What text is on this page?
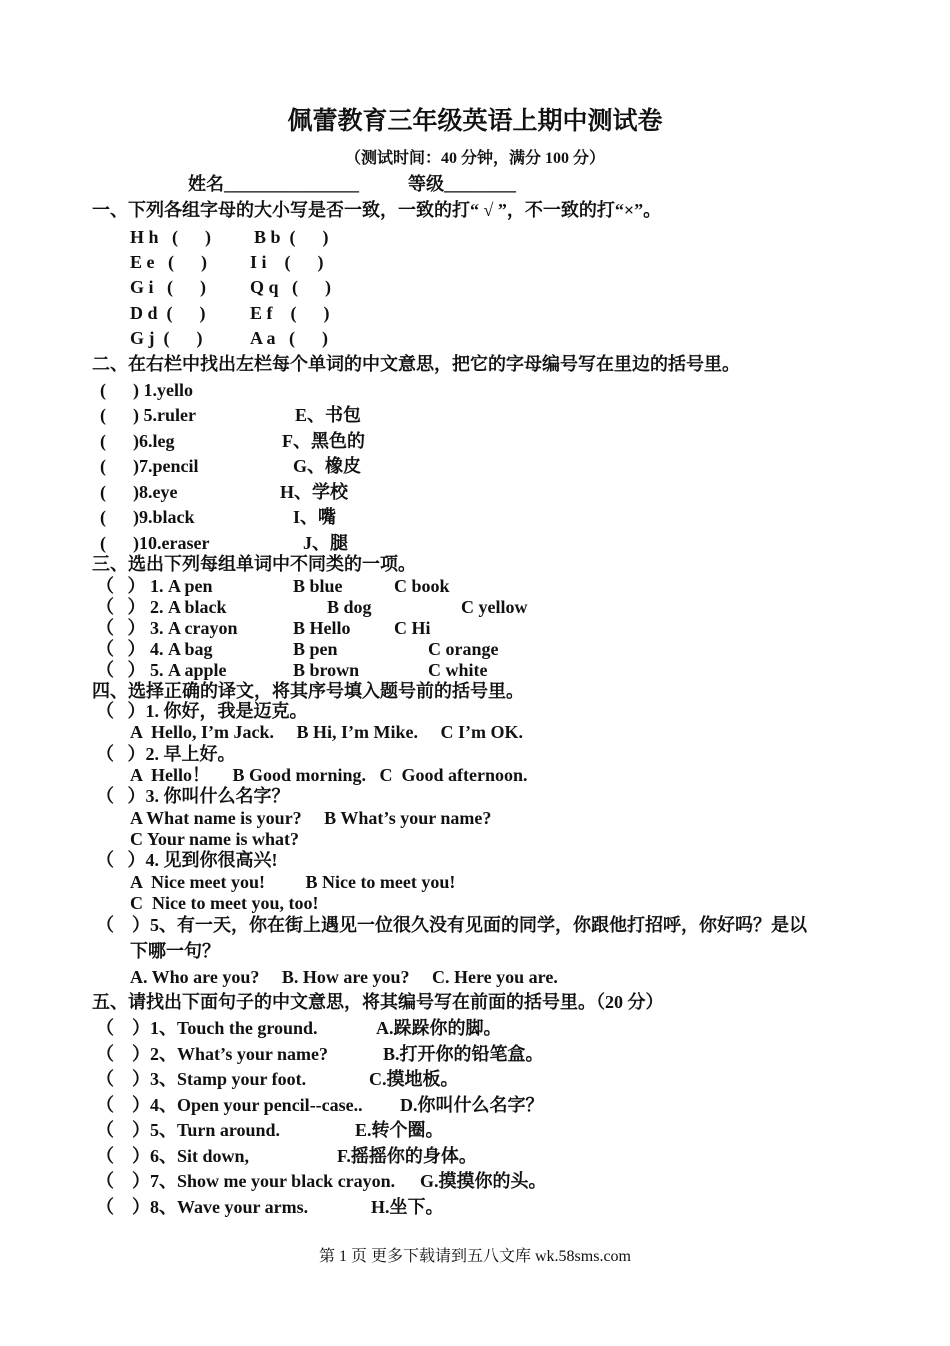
佩蕾教育三年级英语上期中测试卷
（测试时间：40 分钟，满分 100 分）
姓名_______________	等级________
一、下列各组字母的大小写是否一致，一致的打“ √ ”，不一致的打“×”。
H h   (      ) B b  (      )
E e   (      ) I i    (      )
G i   (      ) Q q   (      )
D d  (      ) E f    (      )
G j  (      )	A a   (      )
二、在右栏中找出左栏每个单词的中文意思，把它的字母编号写在里边的括号里。
(      ) 1.yello
(      ) 5.ruler	E、书包
(      )6.leg	F、黑色的
(      )7.pencil	G、橡皮
(      )8.eye	H、学校
(      )9.black	I、嘴
(      )10.eraser	J、腿
三、选出下列每组单词中不同类的一项。
（   ） 1. A pen	B blue	C book
（   ） 2. A black	B dog	C yellow
（   ） 3. A crayon	B Hello C Hi
（   ） 4. A bag	B pen	C orange
（   ） 5. A apple	B brown	C white
四、选择正确的译文，将其序号填入题号前的括号里。
（   ）1. 你好，我是迈克。
A  Hello, I’m Jack.     B Hi, I’m Mike.     C I’m OK.
（   ）2. 早上好。
A  Hello！     B Good morning.   C  Good afternoon.
（   ）3. 你叫什么名字？
A What name is your?     B What’s your name?
C Your name is what?
（   ）4. 见到你很高兴!
A  Nice meet you!         B Nice to meet you!
C  Nice to meet you, too!
（    ）5、有一天，你在街上遇见一位很久没有见面的同学，你跟他打招呼，你好吗？是以
下哪一句？
A. Who are you?     B. How are you?     C. Here you are.
五、请找出下面句子的中文意思，将其编号写在前面的括号里。（20 分）
（    ）1、Touch the ground.	A.跺跺你的脚。
（    ）2、What’s your name?	B.打开你的铅笔盒。
（    ）3、Stamp your foot.	C.摸地板。
（    ）4、Open your pencil--case.. D.你叫什么名字？
（    ）5、Turn around.	E.转个圈。
（    ）6、Sit down,	F.摇摇你的身体。
（    ）7、Show me your black crayon. G.摸摸你的头。
（    ）8、Wave your arms.	H.坐下。
第 1 页 更多下载请到五八文库 wk.58sms.com
